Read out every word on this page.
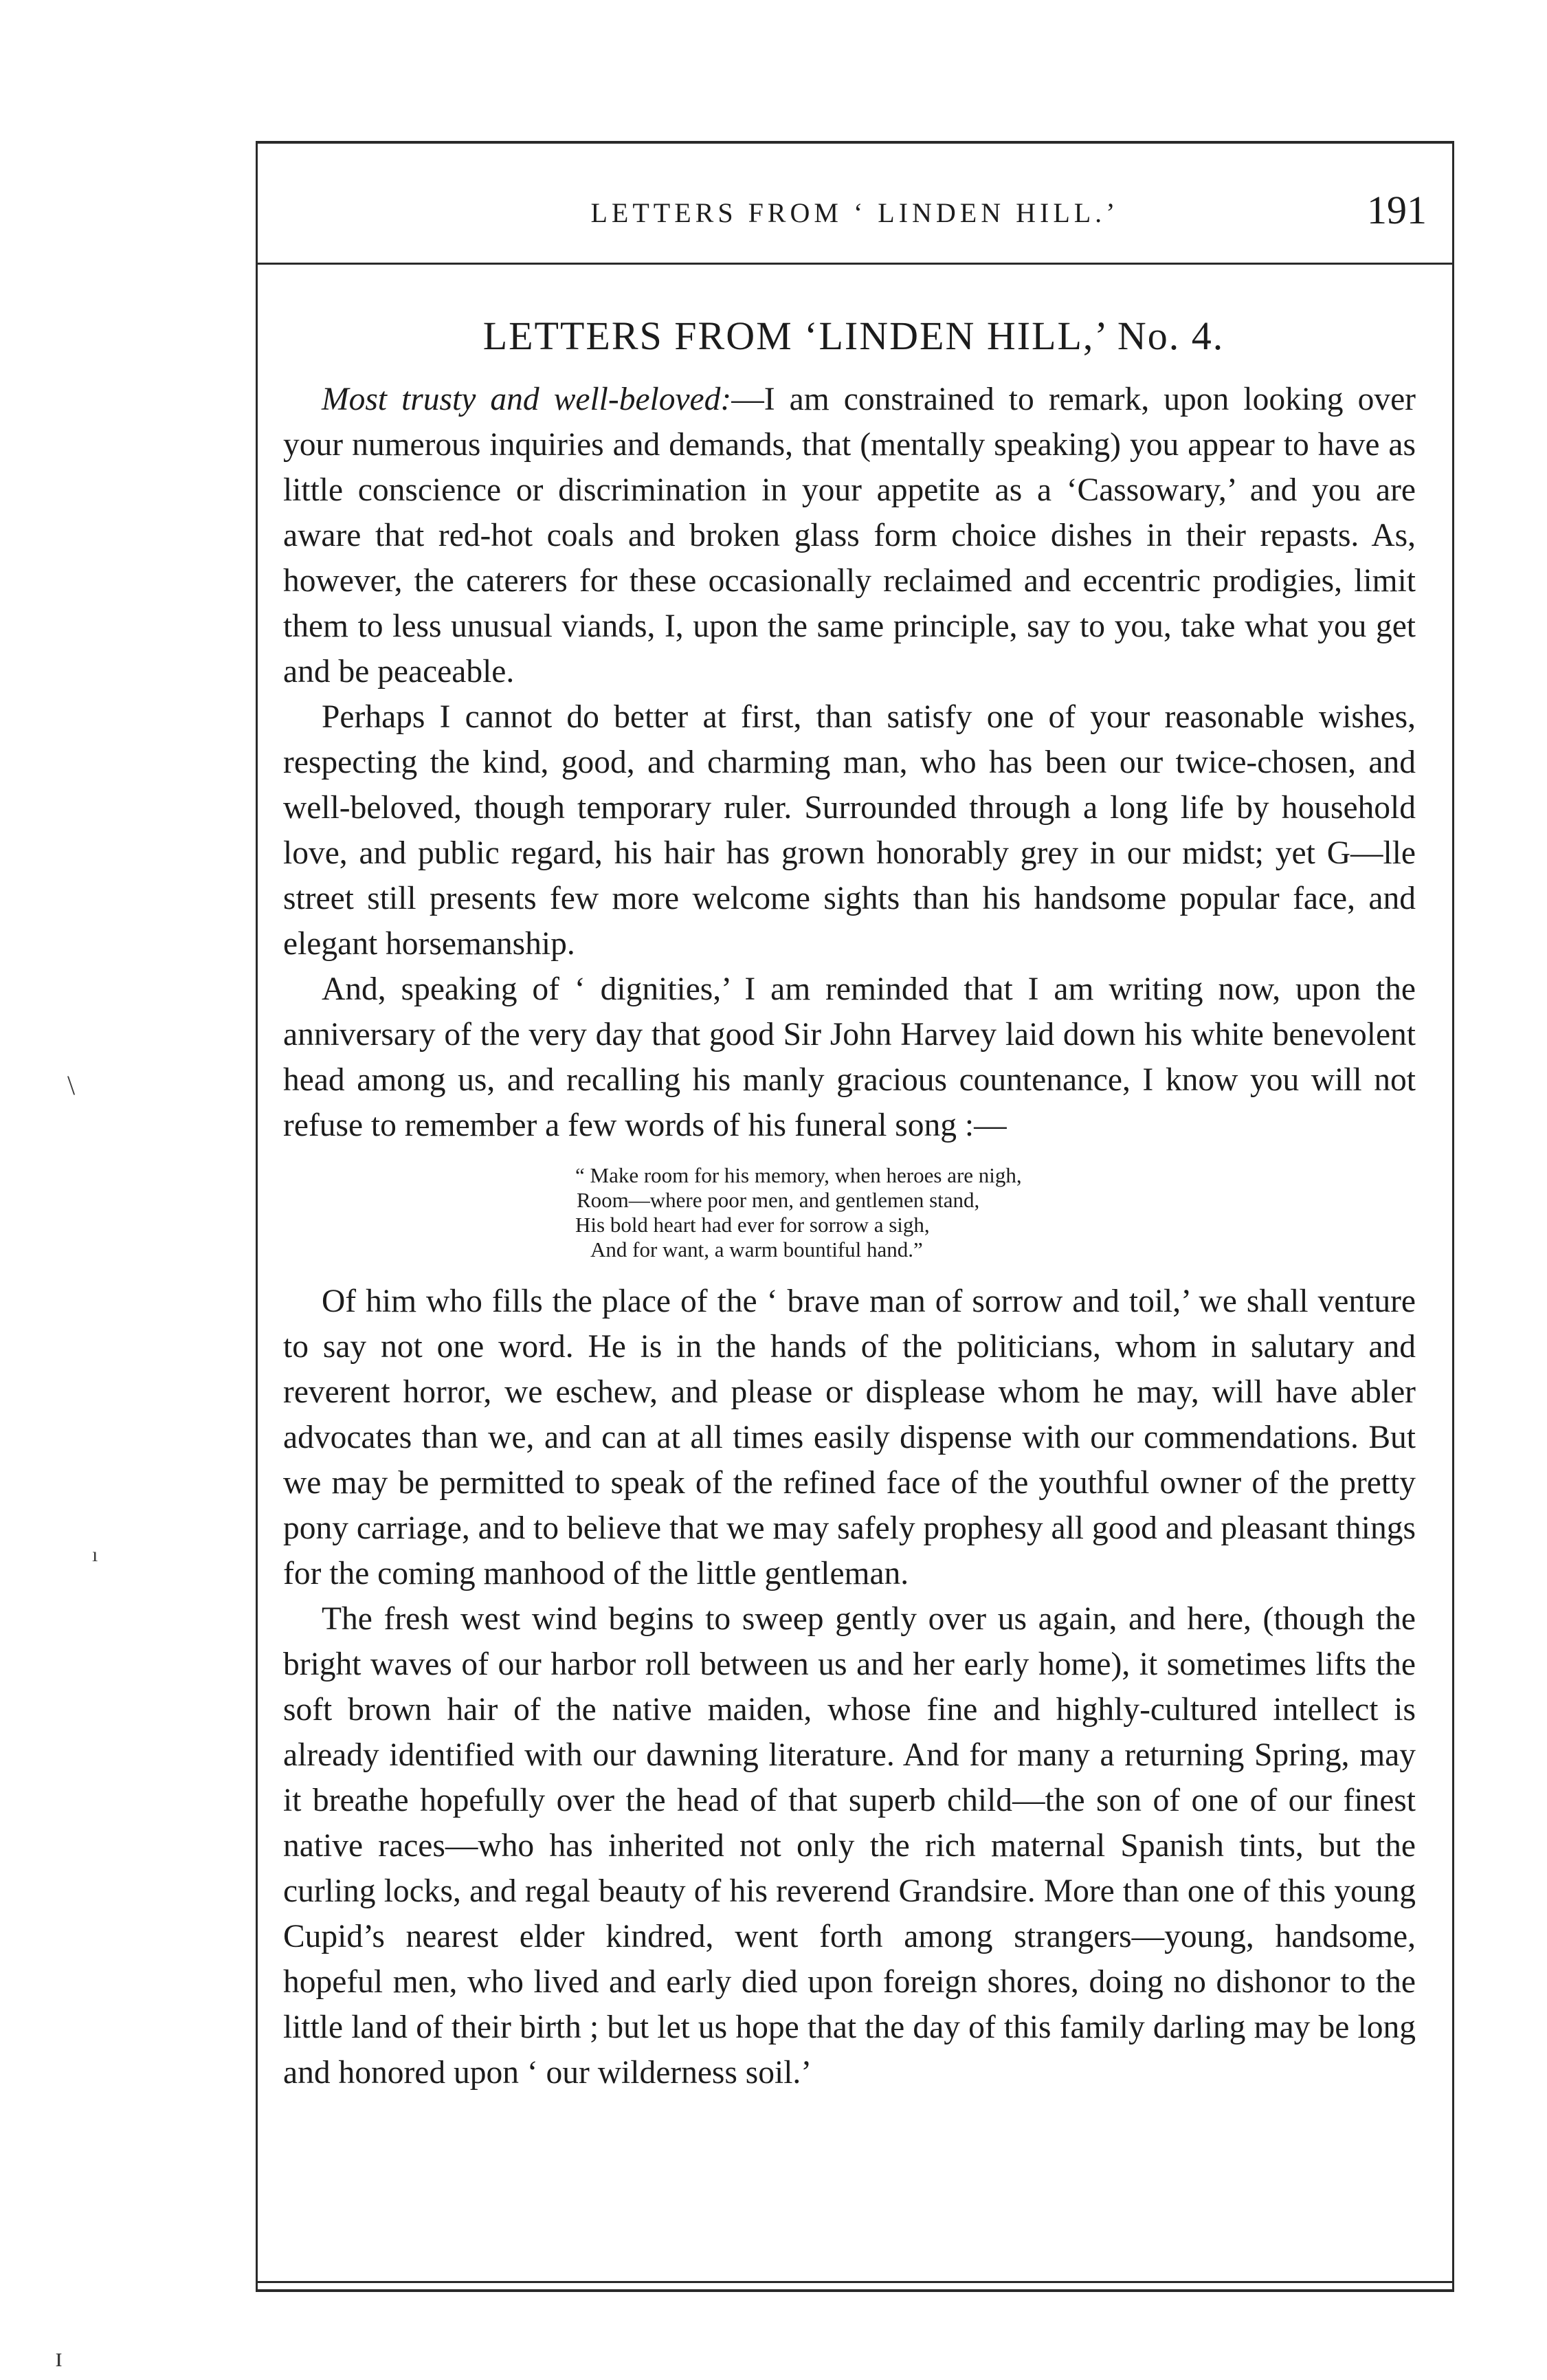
LETTERS FROM ‘ LINDEN HILL.’	191
LETTERS FROM ‘LINDEN HILL,’ No. 4.

Most trusty and well-beloved:—I am constrained to remark, upon looking over your numerous inquiries and demands, that (mentally speaking) you appear to have as little conscience or discrimination in your appetite as a ‘Cassowary,’ and you are aware that red-hot coals and broken glass form choice dishes in their repasts. As, however, the caterers for these occasionally reclaimed and eccentric prodigies, limit them to less unusual viands, I, upon the same principle, say to you, take what you get and be peaceable.

Perhaps I cannot do better at first, than satisfy one of your reasonable wishes, respecting the kind, good, and charming man, who has been our twice-chosen, and well-beloved, though temporary ruler. Surrounded through a long life by household love, and public regard, his hair has grown honorably grey in our midst; yet G—lle street still presents few more welcome sights than his handsome popular face, and elegant horsemanship.

And, speaking of ‘ dignities,’ I am reminded that I am writing now, upon the anniversary of the very day that good Sir John Harvey laid down his white benevolent head among us, and recalling his manly gracious countenance, I know you will not refuse to remember a few words of his funeral song :—

“ Make room for his memory, when heroes are nigh,
Room—where poor men, and gentlemen stand,
His bold heart had ever for sorrow a sigh,
And for want, a warm bountiful hand.”

Of him who fills the place of the ‘ brave man of sorrow and toil,’ we shall venture to say not one word. He is in the hands of the politicians, whom in salutary and reverent horror, we eschew, and please or displease whom he may, will have abler advocates than we, and can at all times easily dispense with our commendations. But we may be permitted to speak of the refined face of the youthful owner of the pretty pony carriage, and to believe that we may safely prophesy all good and pleasant things for the coming manhood of the little gentleman.

The fresh west wind begins to sweep gently over us again, and here, (though the bright waves of our harbor roll between us and her early home), it sometimes lifts the soft brown hair of the native maiden, whose fine and highly-cultured intellect is already identified with our dawning literature. And for many a returning Spring, may it breathe hopefully over the head of that superb child—the son of one of our finest native races—who has inherited not only the rich maternal Spanish tints, but the curling locks, and regal beauty of his reverend Grandsire. More than one of this young Cupid’s nearest elder kindred, went forth among strangers—young, handsome, hopeful men, who lived and early died upon foreign shores, doing no dishonor to the little land of their birth ; but let us hope that the day of this family darling may be long and honored upon ‘ our wilderness soil.’

\
ı
ɪ
